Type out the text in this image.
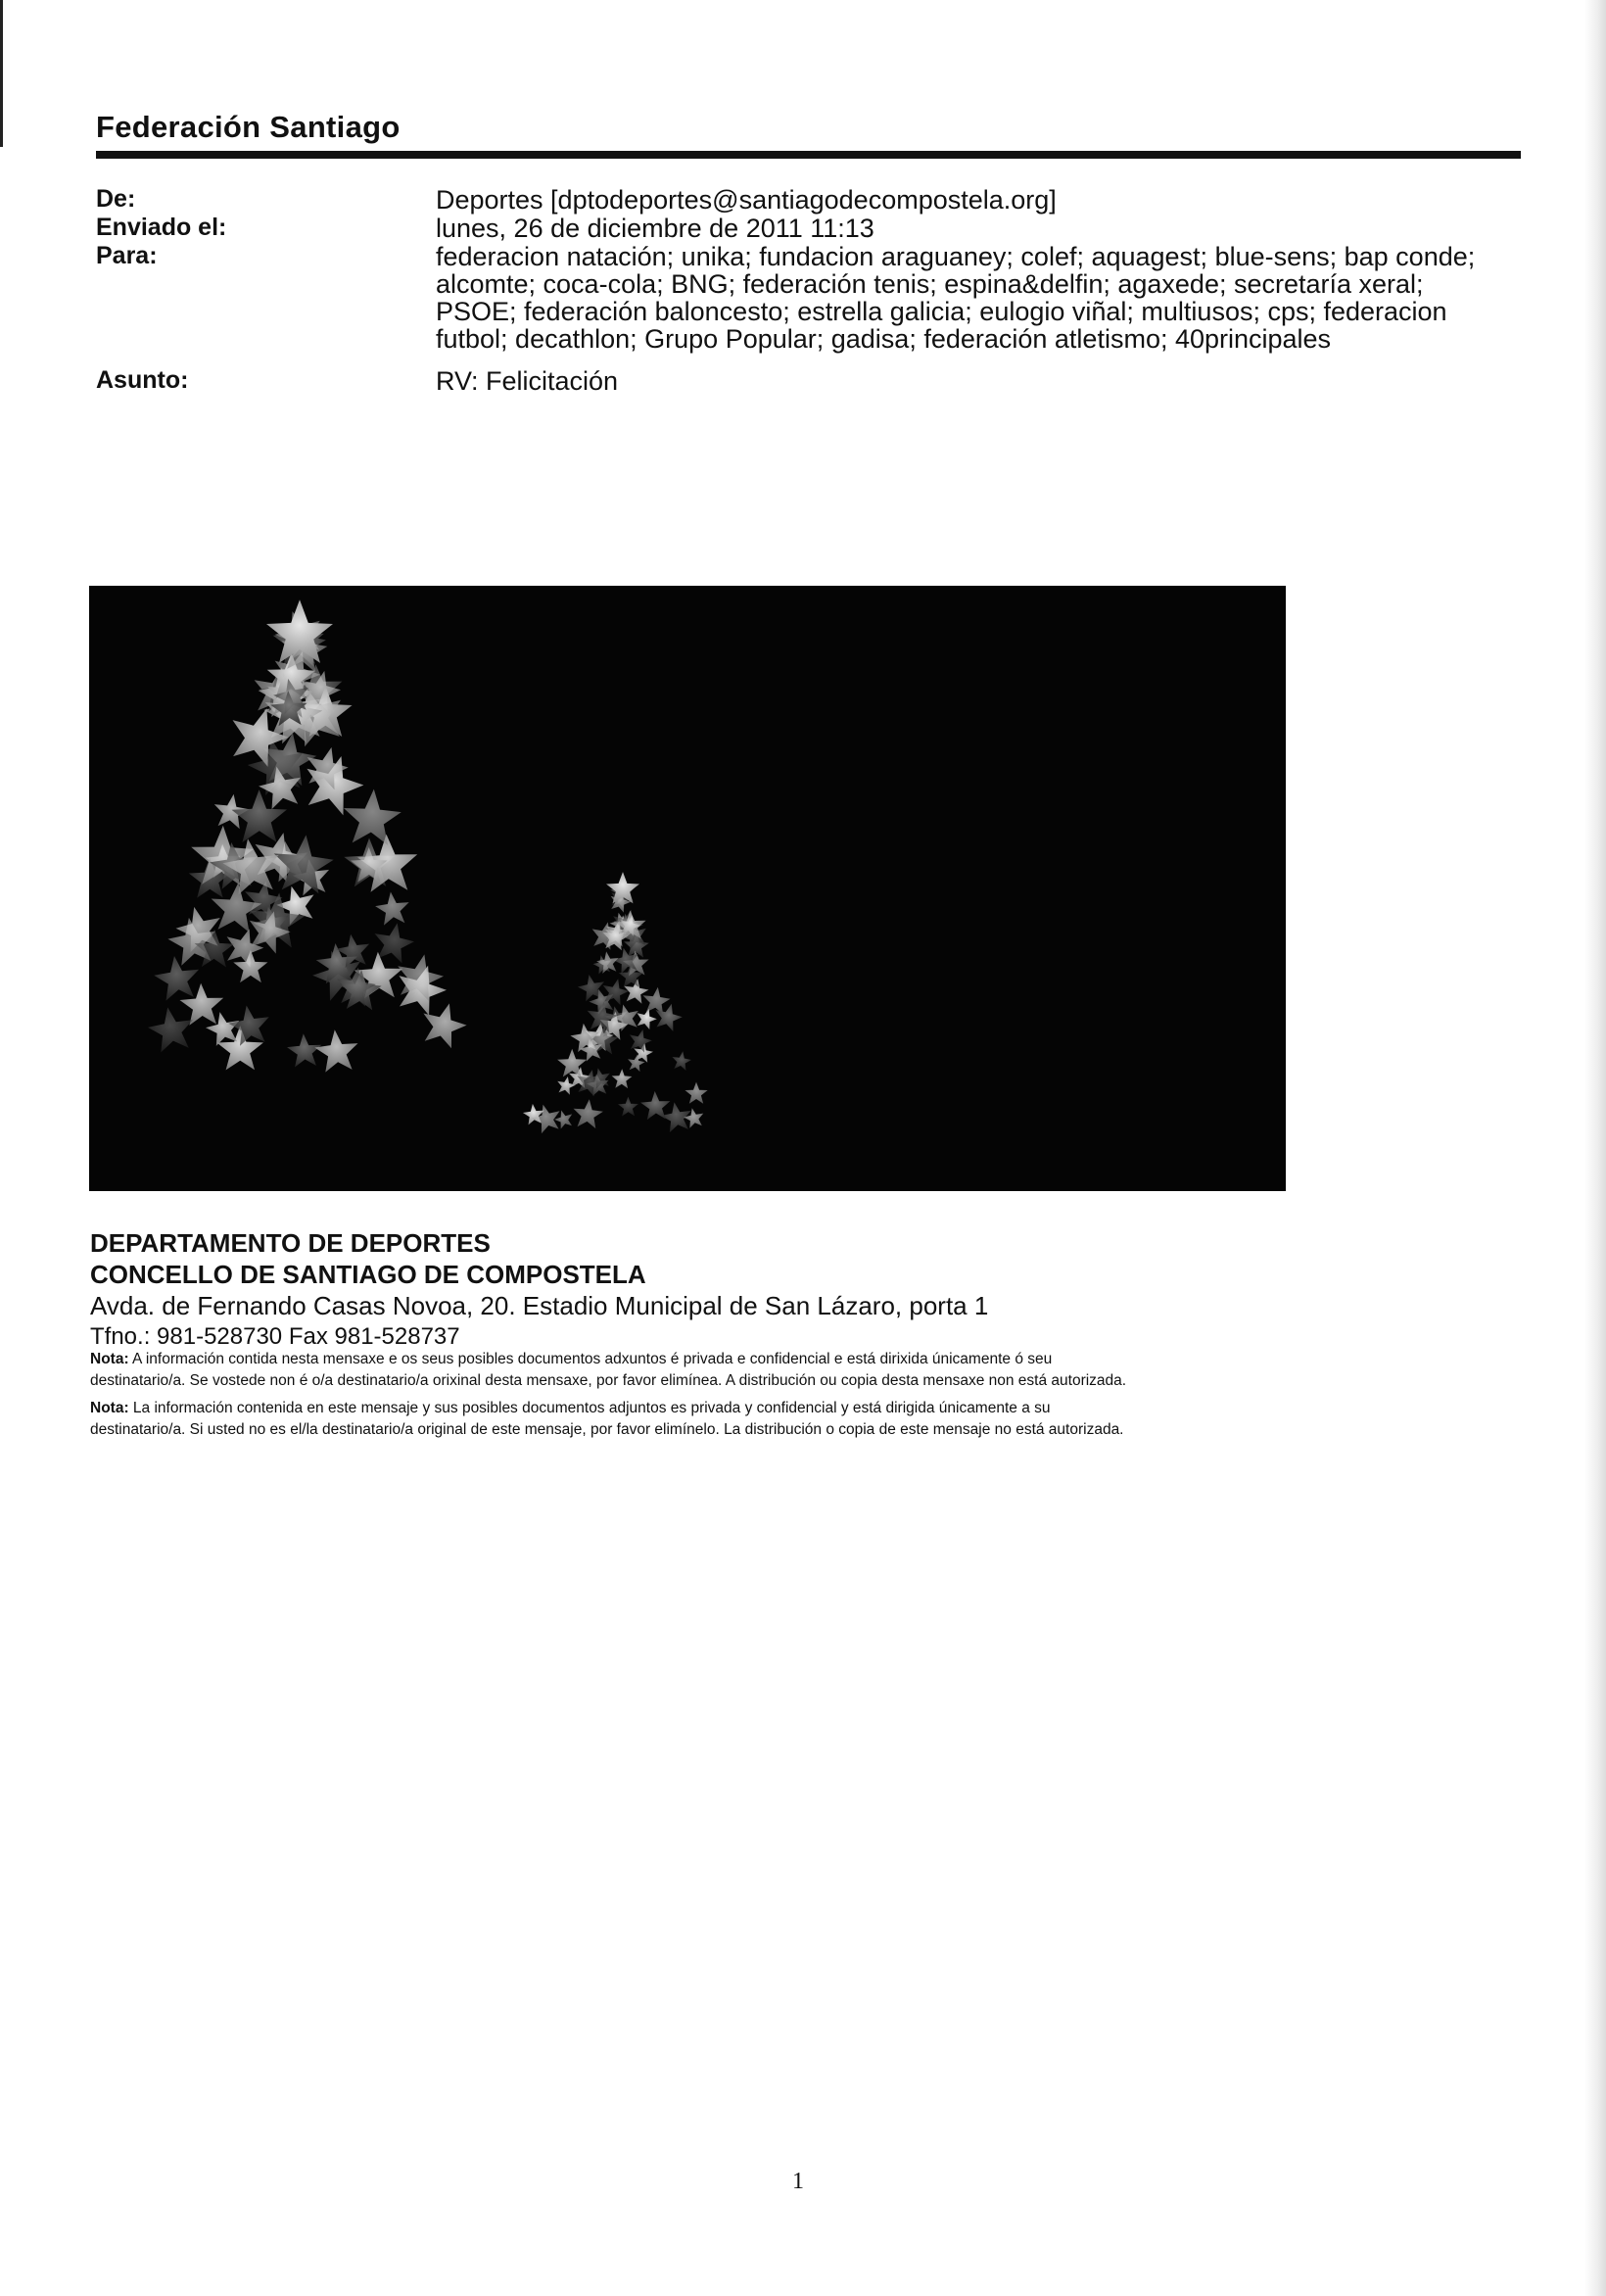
Federación Santiago
De:	Deportes [dptodeportes@santiagodecompostela.org]
Enviado el:	lunes, 26 de diciembre de 2011 11:13
Para:	federacion natación; unika; fundacion araguaney; colef; aquagest; blue-sens; bap conde;
alcomte; coca-cola; BNG; federación tenis; espina&delfin; agaxede; secretaría xeral;
PSOE; federación baloncesto; estrella galicia; eulogio viñal; multiusos; cps; federacion
futbol; decathlon; Grupo Popular; gadisa; federación atletismo; 40principales
Asunto:	RV: Felicitación
DEPARTAMENTO DE DEPORTES
CONCELLO DE SANTIAGO DE COMPOSTELA
Avda. de Fernando Casas Novoa, 20. Estadio Municipal de San Lázaro, porta 1
Tfno.: 981-528730 Fax 981-528737
Nota: A información contida nesta mensaxe e os seus posibles documentos adxuntos é privada e confidencial e está dirixida únicamente ó seu
destinatario/a. Se vostede non é o/a destinatario/a orixinal desta mensaxe, por favor elimínea. A distribución ou copia desta mensaxe non está autorizada.
Nota: La información contenida en este mensaje y sus posibles documentos adjuntos es privada y confidencial y está dirigida únicamente a su
destinatario/a. Si usted no es el/la destinatario/a original de este mensaje, por favor elimínelo. La distribución o copia de este mensaje no está autorizada.
1
